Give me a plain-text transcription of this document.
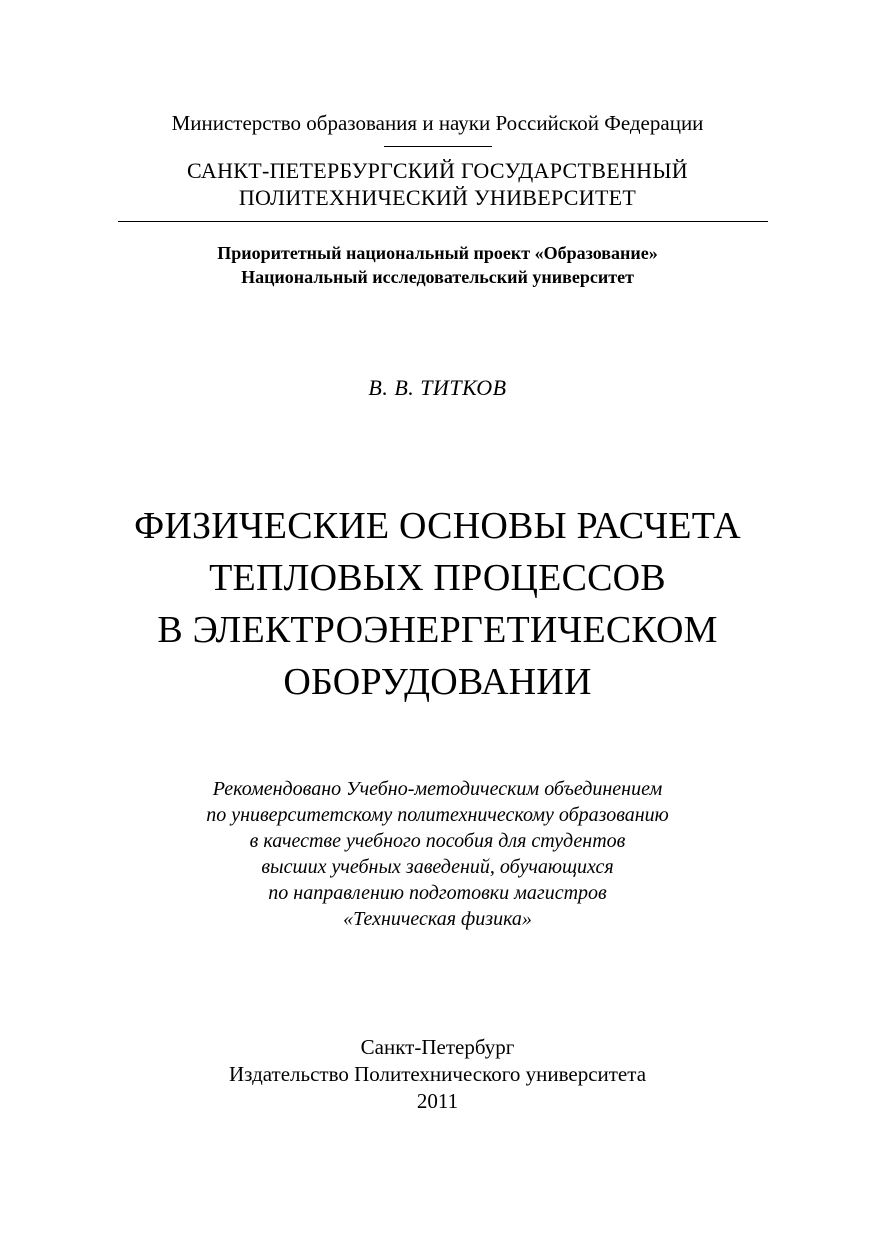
Министерство образования и науки Российской Федерации
САНКТ-ПЕТЕРБУРГСКИЙ ГОСУДАРСТВЕННЫЙ
ПОЛИТЕХНИЧЕСКИЙ УНИВЕРСИТЕТ
Приоритетный национальный проект «Образование»
Национальный исследовательский университет
В. В. ТИТКОВ
ФИЗИЧЕСКИЕ ОСНОВЫ РАСЧЕТА
ТЕПЛОВЫХ ПРОЦЕССОВ
В ЭЛЕКТРОЭНЕРГЕТИЧЕСКОМ
ОБОРУДОВАНИИ
Рекомендовано Учебно-методическим объединением
по университетскому политехническому образованию
в качестве учебного пособия для студентов
высших учебных заведений, обучающихся
по направлению подготовки магистров
«Техническая физика»
Санкт-Петербург
Издательство Политехнического университета
2011
